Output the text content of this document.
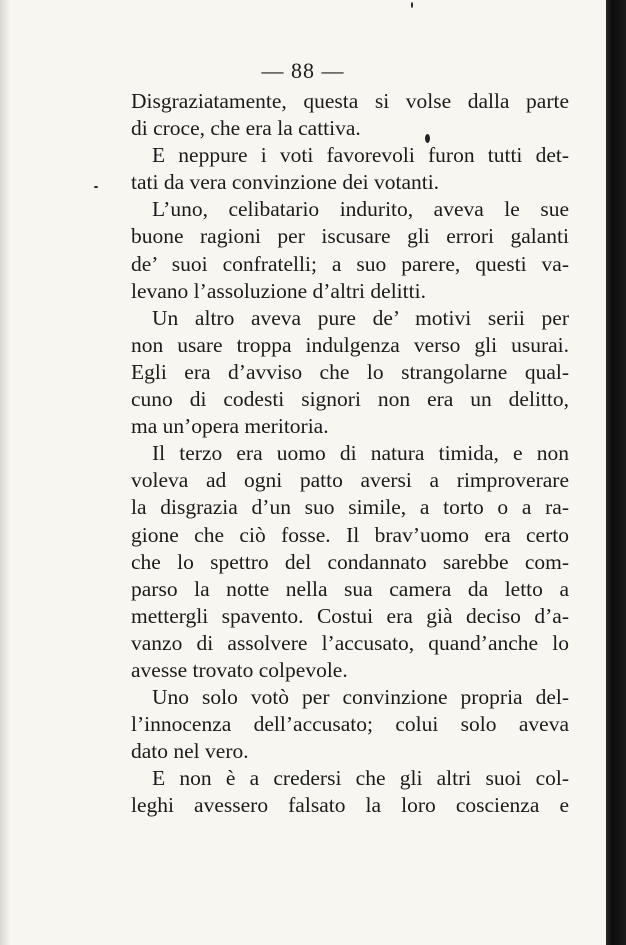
— 88 —
Disgraziatamente, questa si volse dalla parte
di croce, che era la cattiva.
E neppure i voti favorevoli furon tutti det-
tati da vera convinzione dei votanti.
L’uno, celibatario indurito, aveva le sue
buone ragioni per iscusare gli errori galanti
de’ suoi confratelli; a suo parere, questi va-
levano l’assoluzione d’altri delitti.
Un altro aveva pure de’ motivi serii per
non usare troppa indulgenza verso gli usurai.
Egli era d’avviso che lo strangolarne qual-
cuno di codesti signori non era un delitto,
ma un’opera meritoria.
Il terzo era uomo di natura timida, e non
voleva ad ogni patto aversi a rimproverare
la disgrazia d’un suo simile, a torto o a ra-
gione che ciò fosse. Il brav’uomo era certo
che lo spettro del condannato sarebbe com-
parso la notte nella sua camera da letto a
mettergli spavento. Costui era già deciso d’a-
vanzo di assolvere l’accusato, quand’anche lo
avesse trovato colpevole.
Uno solo votò per convinzione propria del-
l’innocenza dell’accusato; colui solo aveva
dato nel vero.
E non è a credersi che gli altri suoi col-
leghi avessero falsato la loro coscienza e
